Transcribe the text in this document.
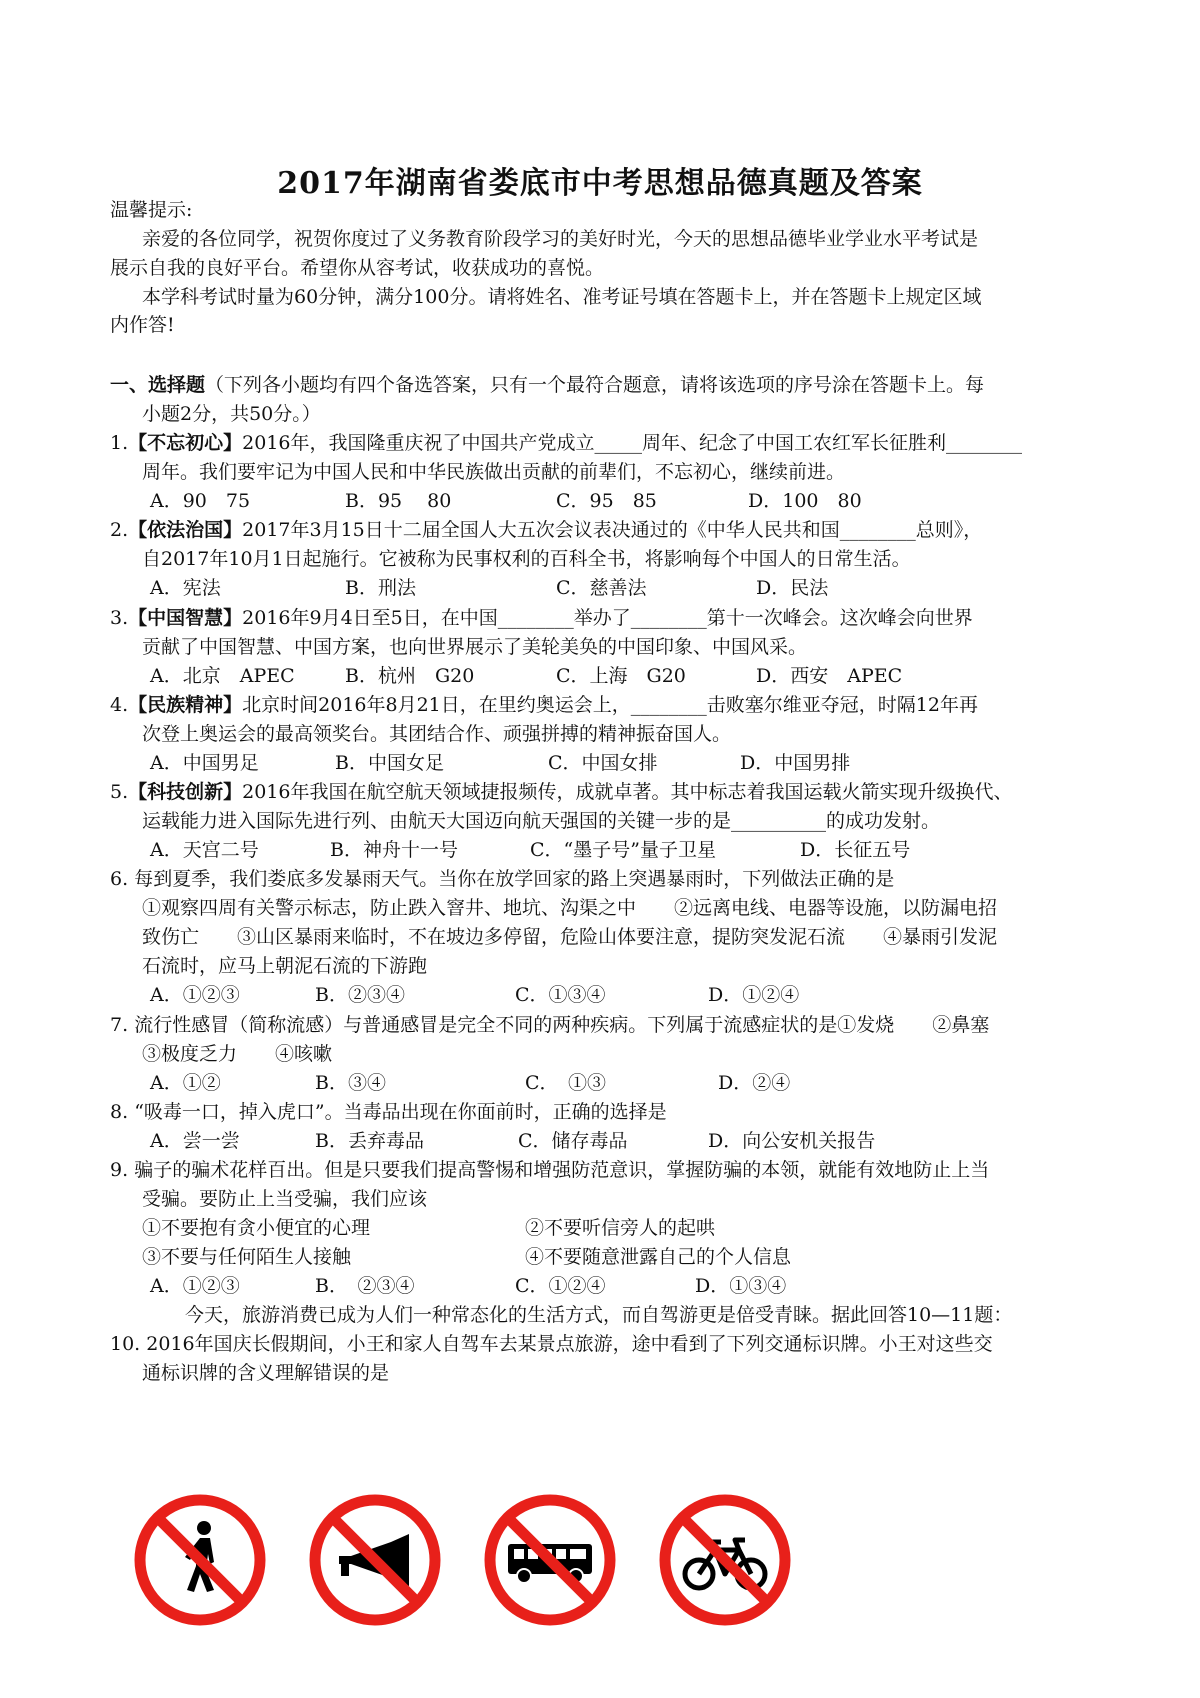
2017年湖南省娄底市中考思想品德真题及答案
温馨提示:
亲爱的各位同学，祝贺你度过了义务教育阶段学习的美好时光，今天的思想品德毕业学业水平考试是
展示自我的良好平台。希望你从容考试，收获成功的喜悦。
本学科考试时量为60分钟，满分100分。请将姓名、准考证号填在答题卡上，并在答题卡上规定区域
内作答!
一、选择题（下列各小题均有四个备选答案，只有一个最符合题意，请将该选项的序号涂在答题卡上。每
小题2分，共50分。）
1.【不忘初心】2016年，我国隆重庆祝了中国共产党成立_____周年、纪念了中国工农红军长征胜利________
周年。我们要牢记为中国人民和中华民族做出贡献的前辈们，不忘初心，继续前进。
A．90　75	B．95　 80	C．95　85	D．100　80
2.【依法治国】2017年3月15日十二届全国人大五次会议表决通过的《中华人民共和国________总则》，
自2017年10月1日起施行。它被称为民事权利的百科全书，将影响每个中国人的日常生活。
A．宪法	B．刑法	C．慈善法	D．民法
3.【中国智慧】2016年9月4日至5日，在中国________举办了________第十一次峰会。这次峰会向世界
贡献了中国智慧、中国方案，也向世界展示了美轮美奂的中国印象、中国风采。
A．北京　APEC	B．杭州　G20	C．上海　G20	D．西安　APEC
4.【民族精神】北京时间2016年8月21日，在里约奥运会上，________击败塞尔维亚夺冠，时隔12年再
次登上奥运会的最高领奖台。其团结合作、顽强拼搏的精神振奋国人。
A．中国男足	B．中国女足	C．中国女排	D．中国男排
5.【科技创新】2016年我国在航空航天领域捷报频传，成就卓著。其中标志着我国运载火箭实现升级换代、
运载能力进入国际先进行列、由航天大国迈向航天强国的关键一步的是__________的成功发射。
A．天宫二号	B．神舟十一号	C．“墨子号”量子卫星	D．长征五号
6. 每到夏季，我们娄底多发暴雨天气。当你在放学回家的路上突遇暴雨时，下列做法正确的是
①观察四周有关警示标志，防止跌入窨井、地坑、沟渠之中　　②远离电线、电器等设施，以防漏电招
致伤亡　　③山区暴雨来临时，不在坡边多停留，危险山体要注意，提防突发泥石流　　④暴雨引发泥
石流时，应马上朝泥石流的下游跑
A．①②③	B．②③④	C．①③④	D．①②④
7. 流行性感冒（简称流感）与普通感冒是完全不同的两种疾病。下列属于流感症状的是①发烧　　②鼻塞
③极度乏力　　④咳嗽
A．①②	B．③④	C．　①③	D．②④
8. “吸毒一口，掉入虎口”。当毒品出现在你面前时，正确的选择是
A．尝一尝	B．丢弃毒品	C．储存毒品	D．向公安机关报告
9. 骗子的骗术花样百出。但是只要我们提高警惕和增强防范意识，掌握防骗的本领，就能有效地防止上当
受骗。要防止上当受骗，我们应该
①不要抱有贪小便宜的心理	②不要听信旁人的起哄
③不要与任何陌生人接触	④不要随意泄露自己的个人信息
A．①②③	B．　②③④	C．①②④	D．①③④
今天，旅游消费已成为人们一种常态化的生活方式，而自驾游更是倍受青睐。据此回答10—11题：
10. 2016年国庆长假期间，小王和家人自驾车去某景点旅游，途中看到了下列交通标识牌。小王对这些交
通标识牌的含义理解错误的是
